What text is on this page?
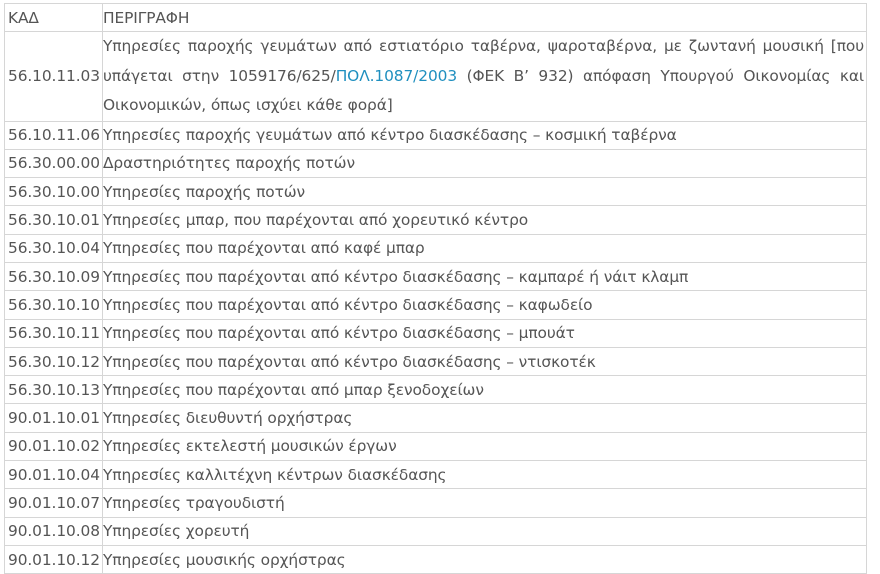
ΚΑΔ	ΠΕΡΙΓΡΑΦΗ
56.10.11.03	Υπηρεσίες παροχής γευμάτων από εστιατόριο ταβέρνα, ψαροταβέρνα, με ζωντανή μουσική [που υπάγεται στην 1059176/625/ΠΟΛ.1087/2003 (ΦΕΚ Β’ 932) απόφαση Υπουργού Οικονομίας και Οικονομικών, όπως ισχύει κάθε φορά]
56.10.11.06	Υπηρεσίες παροχής γευμάτων από κέντρο διασκέδασης – κοσμική ταβέρνα
56.30.00.00	Δραστηριότητες παροχής ποτών
56.30.10.00	Υπηρεσίες παροχής ποτών
56.30.10.01	Υπηρεσίες μπαρ, που παρέχονται από χορευτικό κέντρο
56.30.10.04	Υπηρεσίες που παρέχονται από καφέ μπαρ
56.30.10.09	Υπηρεσίες που παρέχονται από κέντρο διασκέδασης – καμπαρέ ή νάιτ κλαμπ
56.30.10.10	Υπηρεσίες που παρέχονται από κέντρο διασκέδασης – καφωδείο
56.30.10.11	Υπηρεσίες που παρέχονται από κέντρο διασκέδασης – μπουάτ
56.30.10.12	Υπηρεσίες που παρέχονται από κέντρο διασκέδασης – ντισκοτέκ
56.30.10.13	Υπηρεσίες που παρέχονται από μπαρ ξενοδοχείων
90.01.10.01	Υπηρεσίες διευθυντή ορχήστρας
90.01.10.02	Υπηρεσίες εκτελεστή μουσικών έργων
90.01.10.04	Υπηρεσίες καλλιτέχνη κέντρων διασκέδασης
90.01.10.07	Υπηρεσίες τραγουδιστή
90.01.10.08	Υπηρεσίες χορευτή
90.01.10.12	Υπηρεσίες μουσικής ορχήστρας
